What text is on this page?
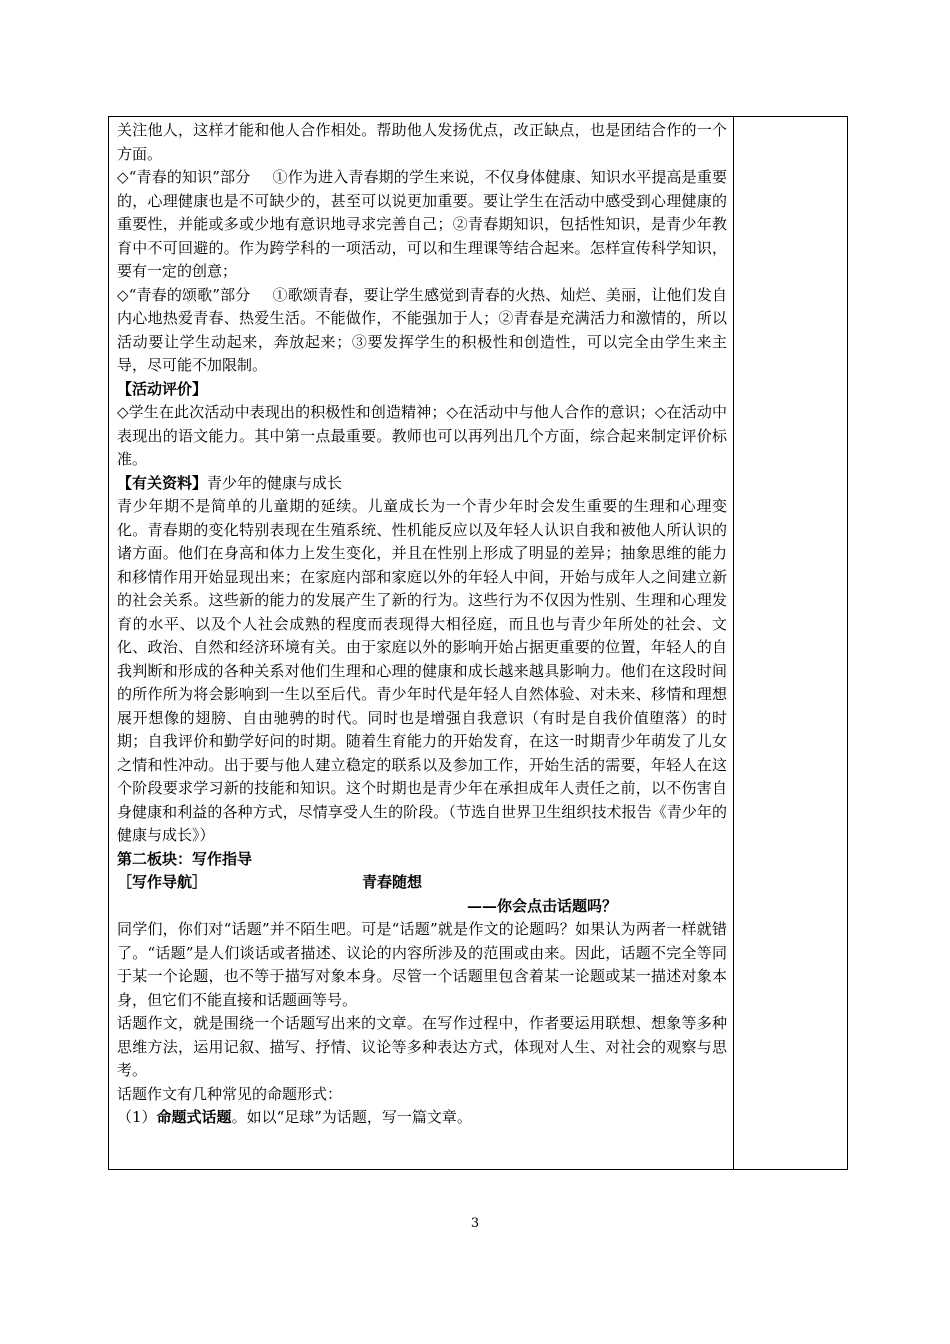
关注他人，这样才能和他人合作相处。帮助他人发扬优点，改正缺点，也是团结合作的一个方面。

◇“青春的知识”部分 ①作为进入青春期的学生来说，不仅身体健康、知识水平提高是重要的，心理健康也是不可缺少的，甚至可以说更加重要。要让学生在活动中感受到心理健康的重要性，并能或多或少地有意识地寻求完善自己；②青春期知识，包括性知识，是青少年教育中不可回避的。作为跨学科的一项活动，可以和生理课等结合起来。怎样宣传科学知识，要有一定的创意；

◇“青春的颂歌”部分 ①歌颂青春，要让学生感觉到青春的火热、灿烂、美丽，让他们发自内心地热爱青春、热爱生活。不能做作，不能强加于人；②青春是充满活力和激情的，所以活动要让学生动起来，奔放起来；③要发挥学生的积极性和创造性，可以完全由学生来主导，尽可能不加限制。

【活动评价】

◇学生在此次活动中表现出的积极性和创造精神；◇在活动中与他人合作的意识；◇在活动中表现出的语文能力。其中第一点最重要。教师也可以再列出几个方面，综合起来制定评价标准。

【有关资料】青少年的健康与成长

青少年期不是简单的儿童期的延续。儿童成长为一个青少年时会发生重要的生理和心理变化。青春期的变化特别表现在生殖系统、性机能反应以及年轻人认识自我和被他人所认识的诸方面。他们在身高和体力上发生变化，并且在性别上形成了明显的差异；抽象思维的能力和移情作用开始显现出来；在家庭内部和家庭以外的年轻人中间，开始与成年人之间建立新的社会关系。这些新的能力的发展产生了新的行为。这些行为不仅因为性别、生理和心理发育的水平、以及个人社会成熟的程度而表现得大相径庭，而且也与青少年所处的社会、文化、政治、自然和经济环境有关。由于家庭以外的影响开始占据更重要的位置，年轻人的自我判断和形成的各种关系对他们生理和心理的健康和成长越来越具影响力。他们在这段时间的所作所为将会影响到一生以至后代。青少年时代是年轻人自然体验、对未来、移情和理想展开想像的翅膀、自由驰骋的时代。同时也是增强自我意识（有时是自我价值堕落）的时期；自我评价和勤学好问的时期。随着生育能力的开始发育，在这一时期青少年萌发了儿女之情和性冲动。出于要与他人建立稳定的联系以及参加工作，开始生活的需要，年轻人在这个阶段要求学习新的技能和知识。这个时期也是青少年在承担成年人责任之前，以不伤害自身健康和利益的各种方式，尽情享受人生的阶段。（节选自世界卫生组织技术报告《青少年的健康与成长》）

第二板块：写作指导

［写作导航］	青春随想

——你会点击话题吗？

同学们，你们对“话题”并不陌生吧。可是“话题”就是作文的论题吗？如果认为两者一样就错了。“话题”是人们谈话或者描述、议论的内容所涉及的范围或由来。因此，话题不完全等同于某一个论题，也不等于描写对象本身。尽管一个话题里包含着某一论题或某一描述对象本身，但它们不能直接和话题画等号。

话题作文，就是围绕一个话题写出来的文章。在写作过程中，作者要运用联想、想象等多种思维方法，运用记叙、描写、抒情、议论等多种表达方式，体现对人生、对社会的观察与思考。

话题作文有几种常见的命题形式：

（1）命题式话题。如以“足球”为话题，写一篇文章。

3
